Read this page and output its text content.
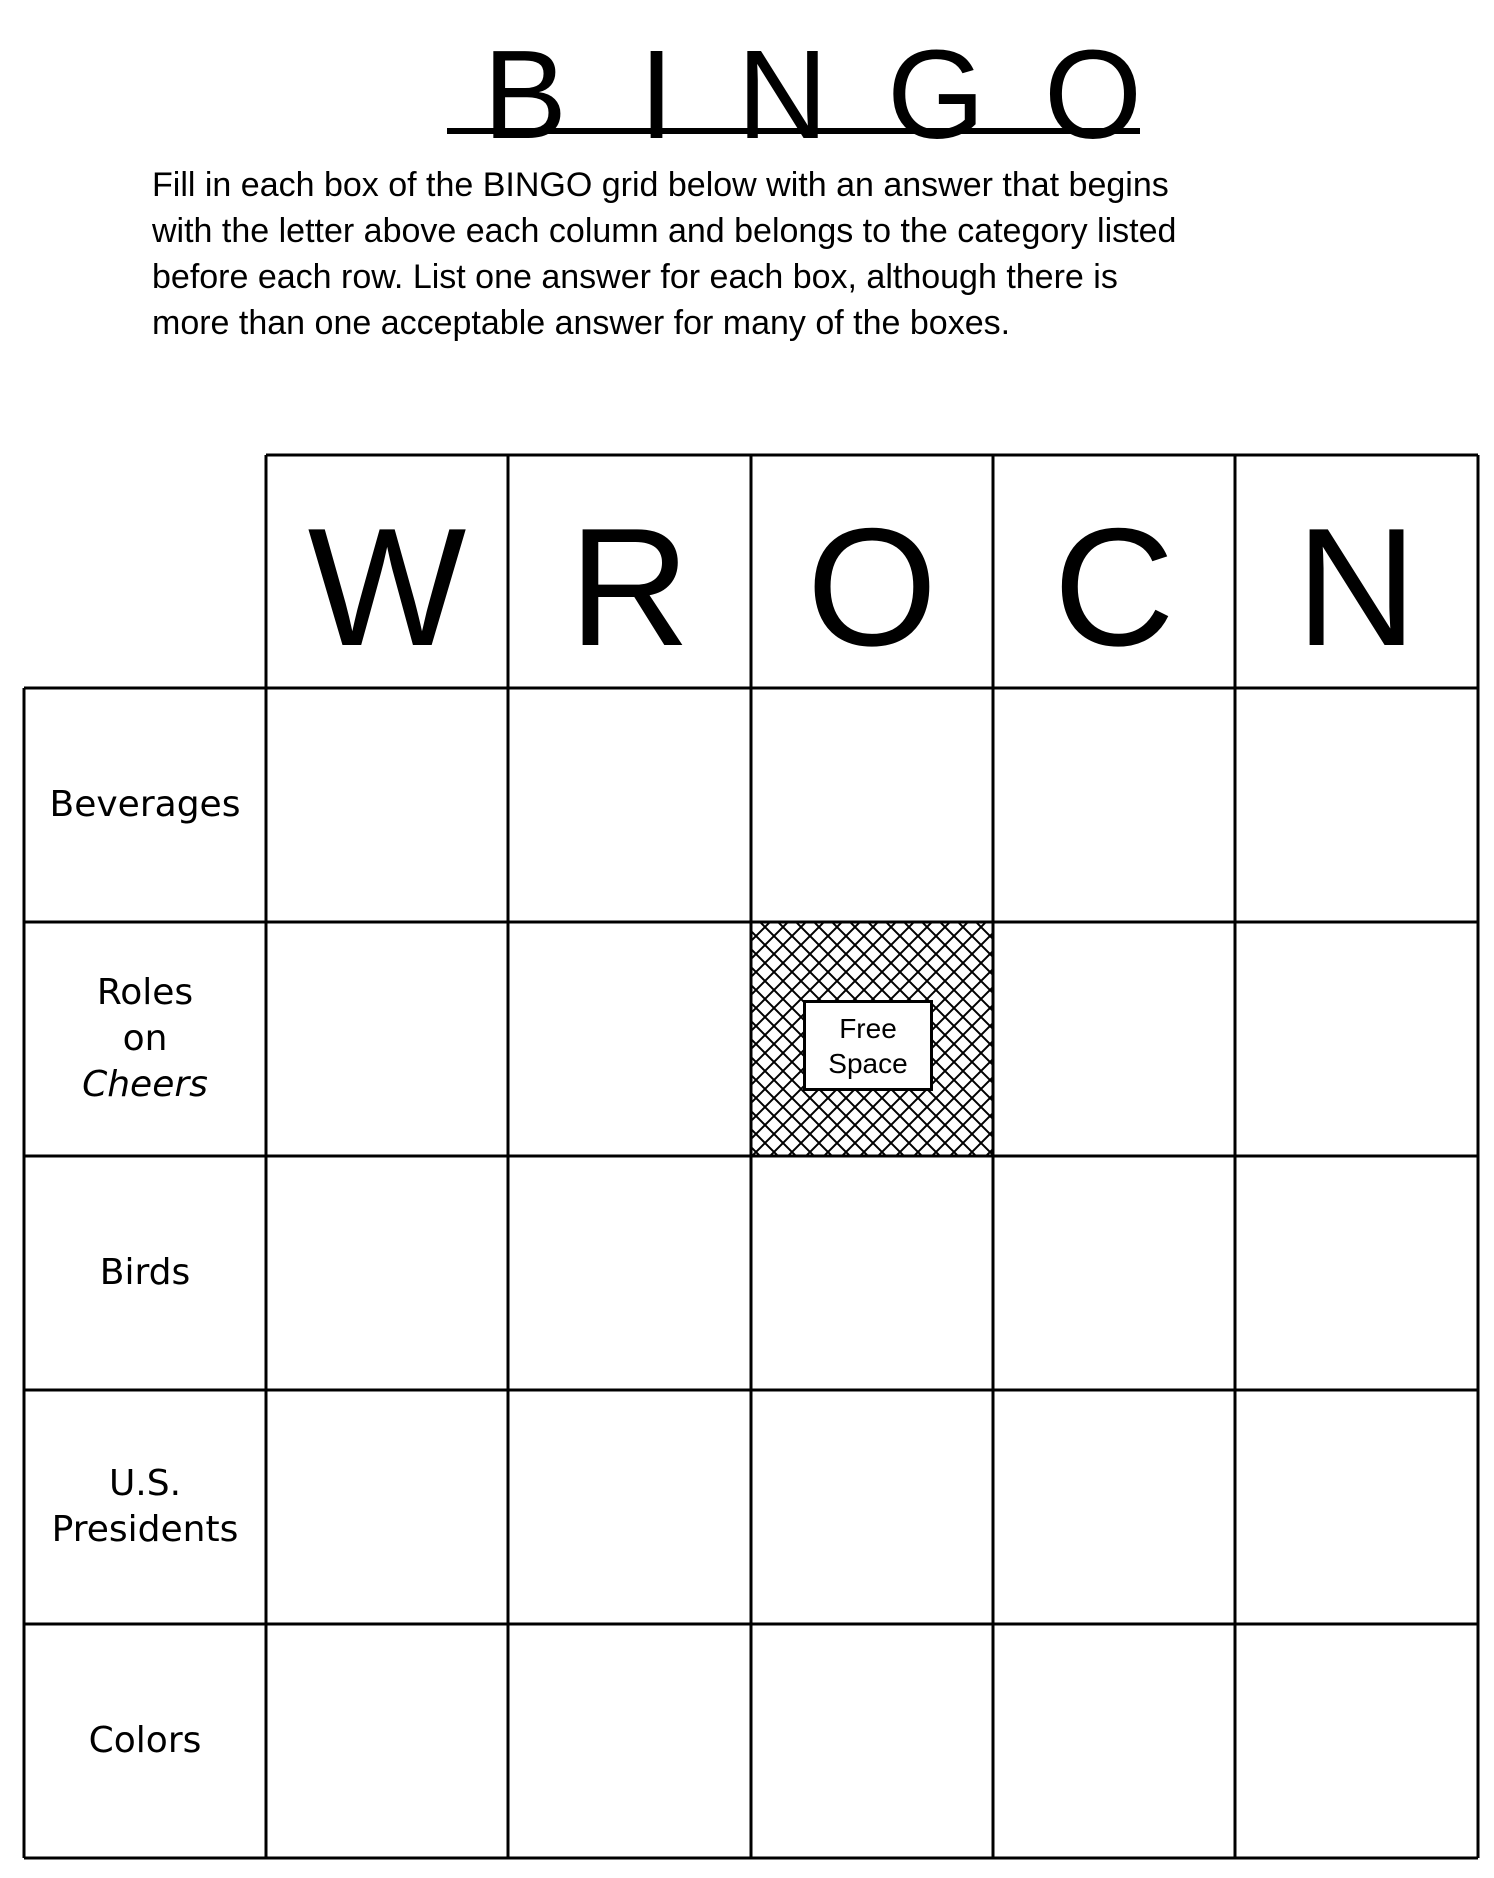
B I N G O
Fill in each box of the BINGO grid below with an answer that begins
with the letter above each column and belongs to the category listed
before each row. List one answer for each box, although there is
more than one acceptable answer for many of the boxes.
W R O C N
Beverages
Roles
on
Cheers
Birds
U.S.
Presidents
Colors
Free
Space
